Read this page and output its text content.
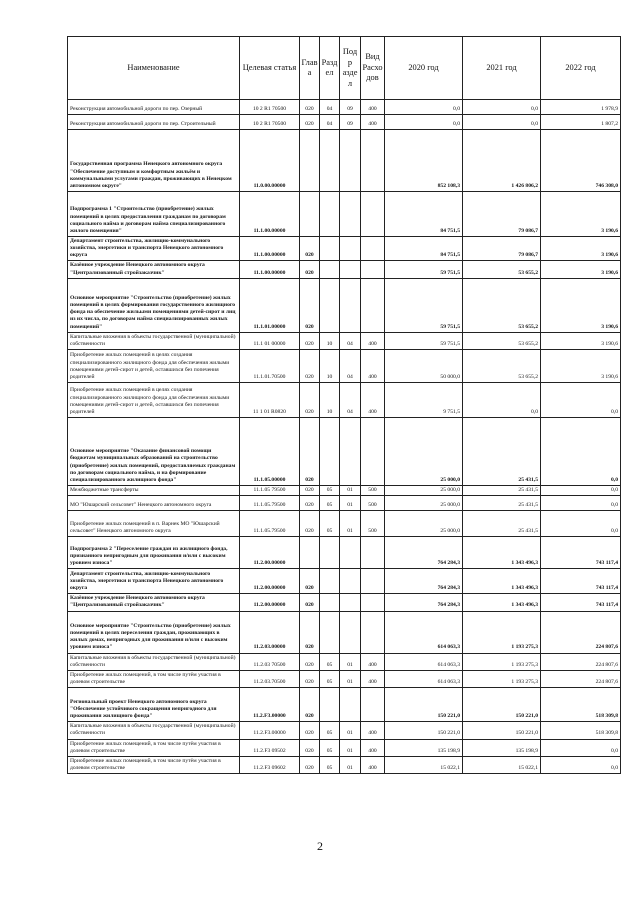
Наименование	Целевая статья	Глава	Разд ел	Подр аздел	Вид Расхо дов	2020 год	2021 год	2022 год
Реконструкция автомобильной дороги по пер. Озерный	10 2 R1 70500	020	04	09	400	0,0	0,0	1 978,9
Реконструкция автомобильной дороги по пер. Строительный	10 2 R1 70500	020	04	09	400	0,0	0,0	1 807,2
Государственная программа Ненецкого автономного округа "Обеспечение доступным и комфортным жильём и коммунальными услугами граждан, проживающих в Ненецком автономном округе"	11.0.00.00000					852 108,3	1 426 806,2	746 308,0
Подпрограмма 1 "Строительство (приобретение) жилых помещений в целях предоставления гражданам по договорам социального найма и договорам найма специализированного жилого помещения"	11.1.00.00000					84 751,5	79 086,7	3 190,6
Департамент строительства, жилищно-коммунального хозяйства, энергетики и транспорта Ненецкого автономного округа	11.1.00.00000	020				84 751,5	79 086,7	3 190,6
Казённое учреждение Ненецкого автономного округа "Централизованный стройзаказчик"	11.1.00.00000	020				59 751,5	53 655,2	3 190,6
Основное мероприятие "Строительство (приобретение) жилых помещений в целях формирования государственного жилищного фонда на обеспечение жильыми помещениями детей-сирот и лиц из их числа, по договорам найма специализированных жилых помещений"	11.1.01.00000	020				59 751,5	53 655,2	3 190,6
Капитальные вложения в объекты государственной (муниципальной) собственности	11.1 01 00000	020	10	04	400	59 751,5	53 655,2	3 190,6
Приобретение жилых помещений в целях создания специализированного жилищного фонда для обеспечения жилыми помещениями детей-сирот и детей, оставшихся без попечения родителей	11.1.01.70500	020	10	04	400	50 000,0	53 655,2	3 190,6
Приобретение жилых помещений в целях создания специализированного жилищного фонда для обеспечения жилыми помещениями детей-сирот и детей, оставшихся без попечения родителей	11 1 01 R0820	020	10	04	400	9 751,5	0,0	0,0
Основное мероприятие "Оказание финансовой помощи бюджетам муниципальных образований на строительство (приобретение) жилых помещений, предоставляемых гражданам по договорам социального найма, и на формирование специализированного жилищного фонда"	11.1.05.00000	020				25 000,0	25 431,5	0,0
Межбюджетные трансферты	11.1.05 79500	020	05	01	500	25 000,0	25 431,5	0,0
МО "Юшарский сельсовет" Ненецкого автономного округа	11.1.05.79500	020	05	01	500	25 000,0	25 431,5	0,0
Приобретение жилых помещений в п. Варнек МО "Юшарский сельсовет" Ненецкого автономного округа	11.1.05.79500	020	05	01	500	25 000,0	25 431,5	0,0
Подпрограмма 2 "Переселение граждан из жилищного фонда, признанного непригодным для проживания и/или с высоким уровнем износа"	11.2.00.00000					764 284,3	1 343 496,3	743 117,4
Департамент строительства, жилищно-коммунального хозяйства, энергетики и транспорта Ненецкого автономного округа	11.2.00.00000	020				764 284,3	1 343 496,3	743 117,4
Казённое учреждение Ненецкого автономного округа "Централизованный стройзаказчик"	11.2.00.00000	020				764 284,3	1 343 496,3	743 117,4
Основное мероприятие "Строительство (приобретение) жилых помещений в целях переселения граждан, проживающих в жилых домах, непригодных для проживания и/или с высоким уровнем износа"	11.2.03.00000	020				614 063,3	1 193 275,3	224 807,6
Капитальные вложения в объекты государственной (муниципальной) собственности	11.2.03 70500	020	05	01	400	614 063,3	1 193 275,3	224 807,6
Приобретение жилых помещений, в том числе путём участия в долевом строительстве	11.2.03.70500	020	05	01	400	614 063,3	1 193 275,3	224 807,6
Региональный проект Ненецкого автономного округа "Обеспечение устойчивого сокращения непригодного для проживания жилищного фонда"	11.2.F3.00000	020				150 221,0	150 221,0	518 309,8
Капитальные вложения в объекты государственной (муниципальной) собственности	11.2.F3.00000	020	05	01	400	150 221,0	150 221,0	518 309,8
Приобретение жилых помещений, в том числе путём участия в долевом строительстве	11.2.F3 09502	020	05	01	400	135 198,9	135 198,9	0,0
Приобретение жилых помещений, в том числе путём участия в долевом строительстве	11.2.F3 09602	020	05	01	400	15 022,1	15 022,1	0,0
2
